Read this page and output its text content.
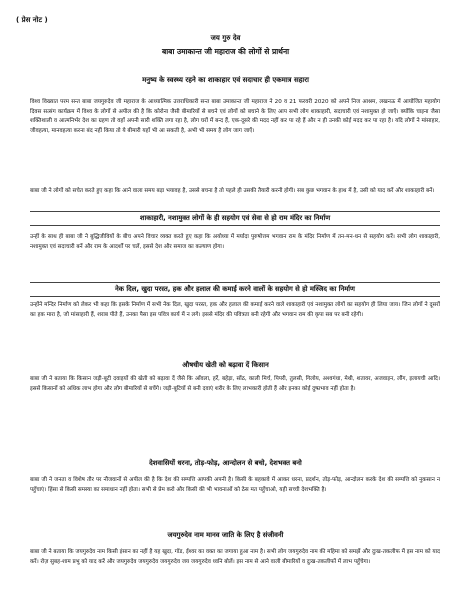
( प्रेस नोट )
जय गुरु देव
बाबा उमाकान्त जी महाराज की लोगों से प्रार्थना
मनुष्य के स्वस्थ्य रहने का शाकाहार एवं सदाचार ही एकमात्र सहारा

विश्व विख्यात परम सन्त बाबा जयगुरुदेव जी महाराज के आध्यात्मिक उत्तराधिकारी सन्त बाबा उमाकान्त जी महाराज ने 20 व 21 फरवरी 2020 को अपने निज आश्रम, लखनऊ में आयोजित महायोग दिवस सत्संग कार्यक्रम में विश्व के लोगों से अपील की है कि कोरोना जैसी बीमारियों से बचने एवं लोगों को बचाने के लिए आप सभी लोग शाकाहारी, सदाचारी एवं नशामुक्त हो जाएँ। क्योंकि चाइना जैसा शक्तिशाली व आत्मनिर्भर देश का ग्रहण तो वहाँ अपनी सारी शक्ति लगा रहा है, लोग घरों में बन्द हैं, एक-दूसरे की मदद नहीं कर पा रहे हैं और न ही उनकी कोई मदद कर पा रहा है। यदि लोगों ने मांसाहार, जीवहत्या, मानवहत्या करना बंद नहीं किया तो ये बीमारी यहाँ भी आ सकती है, अभी भी समय है लोग जाग जाएँ।

बाबा जी ने लोगों को सचेत करते हुए कहा कि आने वाला समय बड़ा भयावह है, उससे बचना है तो पहले ही उसकी तैयारी करनी होगी। सब कुछ भगवान के हाथ में है, उसी को याद करें और शाकाहारी बनें।

शाकाहारी, नशामुक्त लोगों के ही सहयोग एवं सेवा से हो राम मंदिर का निर्माण

उन्हीं के साथ ही बाबा जी ने बुद्धिजीवियों के बीच अपने विचार व्यक्त करते हुए कहा कि अयोध्या में मर्यादा पुरुषोत्तम भगवान राम के मंदिर निर्माण में तन-मन-धन से सहयोग करें। सभी लोग शाकाहारी, नशामुक्त एवं सदाचारी बनें और राम के आदर्शों पर चलें, इससे देश और समाज का कल्याण होगा।

नेक दिल, खुदा परस्त, हक और हलाल की कमाई करने वालों के सहयोग से हो मस्जिद का निर्माण

उन्होंने मन्दिर निर्माण को लेकर भी कहा कि इसके निर्माण में सभी नेक दिल, खुदा परस्त, हक और हलाल की कमाई करने वाले शाकाहारी एवं नशामुक्त लोगों का सहयोग ही लिया जाय। जिन लोगों ने दूसरों का हक मारा है, जो मांसाहारी हैं, शराब पीते हैं, उनका पैसा इस पवित्र कार्य में न लगे। इससे मंदिर की पवित्रता बनी रहेगी और भगवान राम की कृपा सब पर बनी रहेगी।

औषधीय खेती को बढ़ावा दें किसान

बाबा जी ने बताया कि किसान जड़ी-बूटी दवाइयों की खेती को बढ़ावा दें जैसे कि आँवला, हर्रे, बहेड़ा, सोंठ, काली मिर्च, पिपरी, तुलसी, गिलोय, अश्वगंधा, मेथी, शतावर, अजवाइन, लौंग, इलायची आदि। इससे किसानों को अधिक लाभ होगा और लोग बीमारियों से बचेंगे। जड़ी-बूटियों से बनी दवाएं शरीर के लिए लाभकारी होती हैं और इनका कोई दुष्प्रभाव नहीं होता है।

देशवासियों धरना, तोड़-फोड़, आन्दोलन से बचो, देशभक्त बनो

बाबा जी ने जनता व विशेष तौर पर नौजवानों से अपील की है कि देश की सम्पत्ति आपकी अपनी है। किसी के बहकावे में आकर धरना, प्रदर्शन, तोड़-फोड़, आन्दोलन करके देश की सम्पत्ति को नुकसान न पहुँचाएं। हिंसा से किसी समस्या का समाधान नहीं होता। सभी से प्रेम करो और किसी की भी भावनाओं को ठेस मत पहुँचाओ, यही सच्ची देशभक्ति है।

जयगुरुदेव नाम मानव जाति के लिए है संजीवनी

बाबा जी ने बताया कि जयगुरुदेव नाम किसी इंसान का नहीं है यह खुदा, गॉड, ईश्वर का वक्त का जगाया हुआ नाम है। सभी लोग जयगुरुदेव नाम की महिमा को समझें और दुःख-तकलीफ में इस नाम को याद करें। रोज़ सुबह-शाम प्रभु को याद करें और जयगुरुदेव जयगुरुदेव जयगुरुदेव जय जयगुरुदेव ध्वनि बोलें। इस नाम से आने वाली बीमारियों व दुःख-तकलीफों में लाभ पहुँचेगा।
